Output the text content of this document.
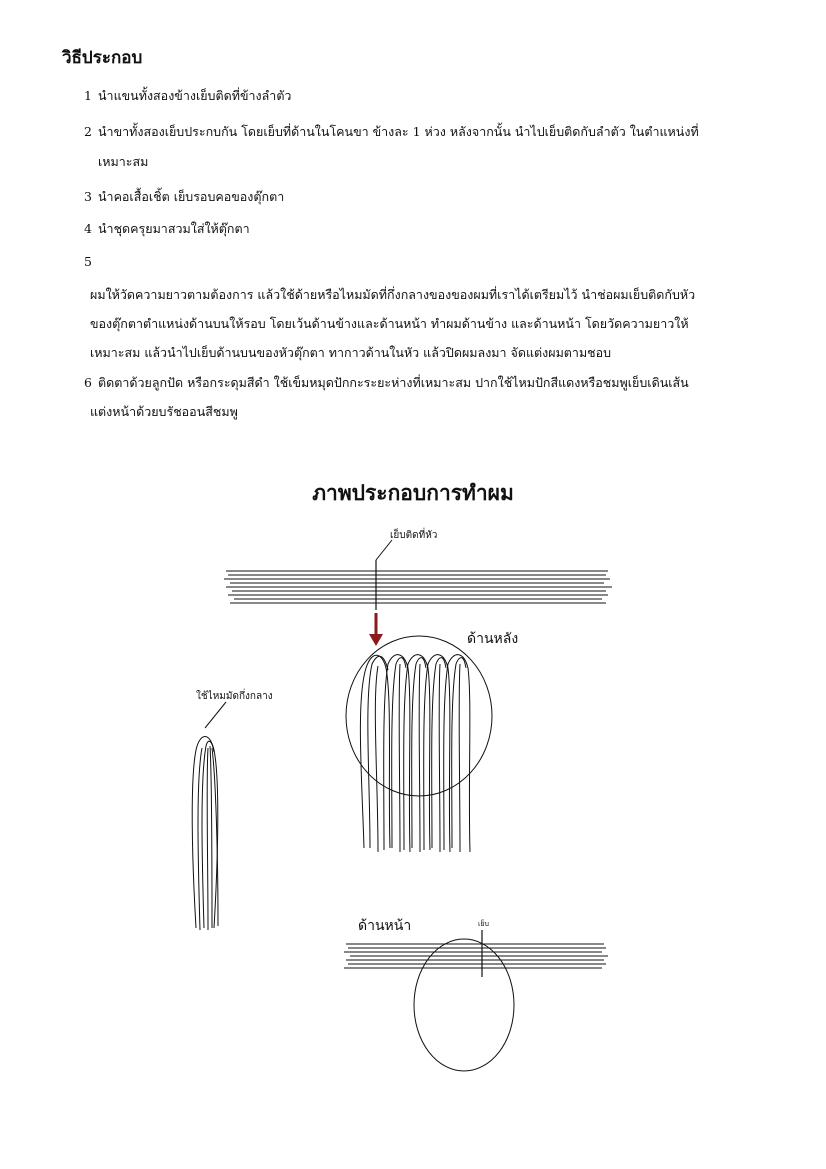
วิธีประกอบ
1 นำแขนทั้งสองข้างเย็บติดที่ข้างลำตัว
2 นำขาทั้งสองเย็บประกบกัน โดยเย็บที่ด้านในโคนขา ข้างละ 1 ห่วง หลังจากนั้น นำไปเย็บติดกับลำตัว ในตำแหน่งที่
เหมาะสม
3 นำคอเสื้อเชิ้ต เย็บรอบคอของตุ๊กตา
4 นำชุดครุยมาสวมใส่ให้ตุ๊กตา
5
ผมให้วัดความยาวตามต้องการ แล้วใช้ด้ายหรือไหมมัดที่กึ่งกลางของของผมที่เราได้เตรียมไว้ นำช่อผมเย็บติดกับหัว
ของตุ๊กตาตำแหน่งด้านบนให้รอบ โดยเว้นด้านข้างและด้านหน้า ทำผมด้านข้าง และด้านหน้า โดยวัดความยาวให้
เหมาะสม แล้วนำไปเย็บด้านบนของหัวตุ๊กตา ทากาวด้านในหัว แล้วปิดผมลงมา จัดแต่งผมตามชอบ
6 ติดตาด้วยลูกปัด หรือกระดุมสีดำ ใช้เข็มหมุดปักกะระยะห่างที่เหมาะสม ปากใช้ไหมปักสีแดงหรือชมพูเย็บเดินเส้น
แต่งหน้าด้วยบรัชออนสีชมพู
ภาพประกอบการทำผม
เย็บติดที่หัว
ด้านหลัง
ใช้ไหมมัดกึ่งกลาง
ด้านหน้า	เย็บ
